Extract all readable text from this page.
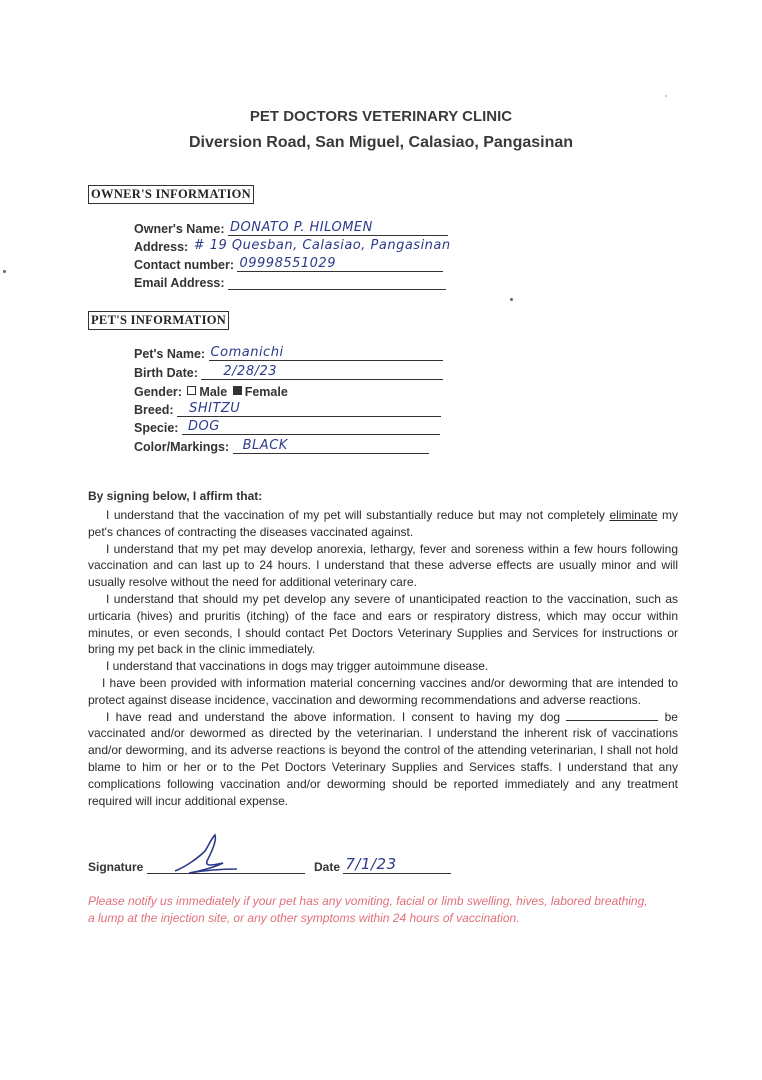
PET DOCTORS VETERINARY CLINIC
Diversion Road, San Miguel, Calasiao, Pangasinan
OWNER'S INFORMATION
Owner's Name: DONATO P. HILOMEN
Address: # 19 Quesban, Calasiao, Pangasinan
Contact number: 09998551029
Email Address:
PET'S INFORMATION
Pet's Name: Comanichi
Birth Date: 2/28/23
Gender: Male Female
Breed: SHITZU
Specie: DOG
Color/Markings: BLACK
By signing below, I affirm that:

I understand that the vaccination of my pet will substantially reduce but may not completely eliminate my pet's chances of contracting the diseases vaccinated against.

I understand that my pet may develop anorexia, lethargy, fever and soreness within a few hours following vaccination and can last up to 24 hours. I understand that these adverse effects are usually minor and will usually resolve without the need for additional veterinary care.

I understand that should my pet develop any severe of unanticipated reaction to the vaccination, such as urticaria (hives) and pruritis (itching) of the face and ears or respiratory distress, which may occur within minutes, or even seconds, I should contact Pet Doctors Veterinary Supplies and Services for instructions or bring my pet back in the clinic immediately.

I understand that vaccinations in dogs may trigger autoimmune disease.

I have been provided with information material concerning vaccines and/or deworming that are intended to protect against disease incidence, vaccination and deworming recommendations and adverse reactions.

I have read and understand the above information. I consent to having my dog	be vaccinated and/or dewormed as directed by the veterinarian. I understand the inherent risk of vaccinations and/or deworming, and its adverse reactions is beyond the control of the attending veterinarian, I shall not hold blame to him or her or to the Pet Doctors Veterinary Supplies and Services staffs. I understand that any complications following vaccination and/or deworming should be reported immediately and any treatment required will incur additional expense.

Signature	Date 7/1/23
Please notify us immediately if your pet has any vomiting, facial or limb swelling, hives, labored breathing, a lump at the injection site, or any other symptoms within 24 hours of vaccination.
